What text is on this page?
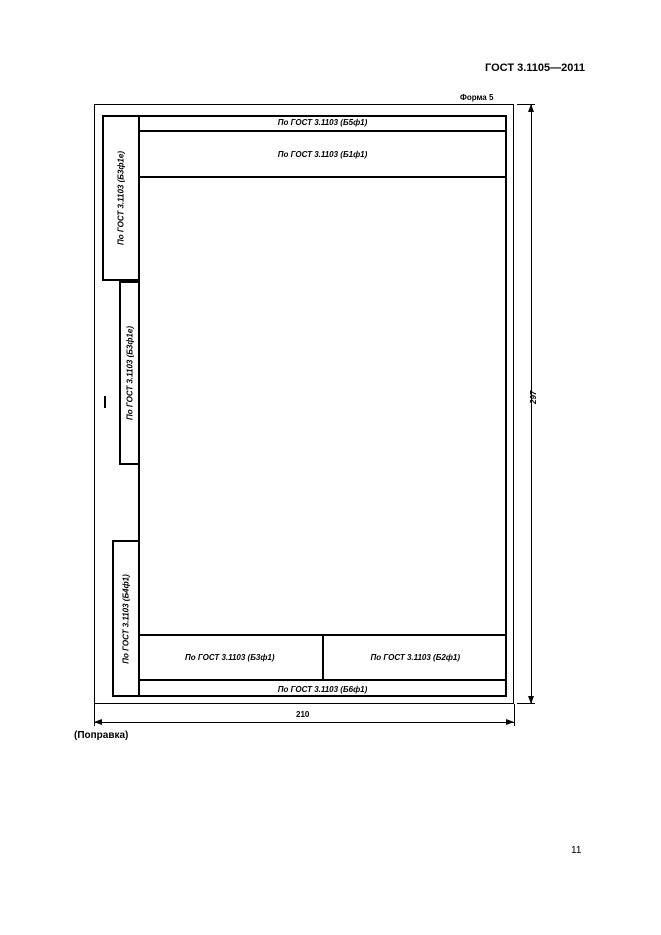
ГОСТ 3.1105—2011
Форма 5
По ГОСТ 3.1103 (Б5ф1)
По ГОСТ 3.1103 (Б1ф1)
По ГОСТ 3.1103 (Б3ф1)	По ГОСТ 3.1103 (Б2ф1)
По ГОСТ 3.1103 (Б6ф1)
По ГОСТ 3.1103 (Б3ф1е)
По ГОСТ 3.1103 (Б3ф1е)
По ГОСТ 3.1103 (Б4ф1)
297
210
(Поправка)
11
